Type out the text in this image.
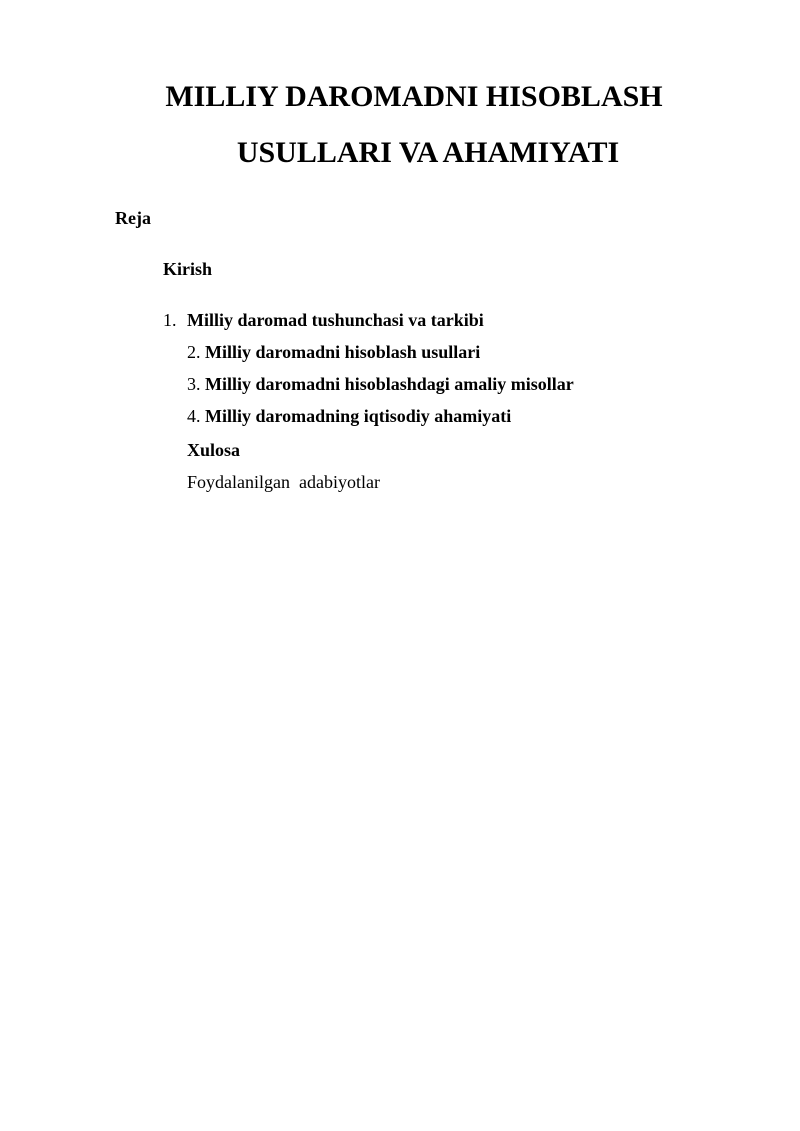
MILLIY DAROMADNI HISOBLASH
USULLARI VA AHAMIYATI
Reja
Kirish
1. Milliy daromad tushunchasi va tarkibi
2. Milliy daromadni hisoblash usullari
3. Milliy daromadni hisoblashdagi amaliy misollar
4. Milliy daromadning iqtisodiy ahamiyati
Xulosa
Foydalanilgan  adabiyotlar
